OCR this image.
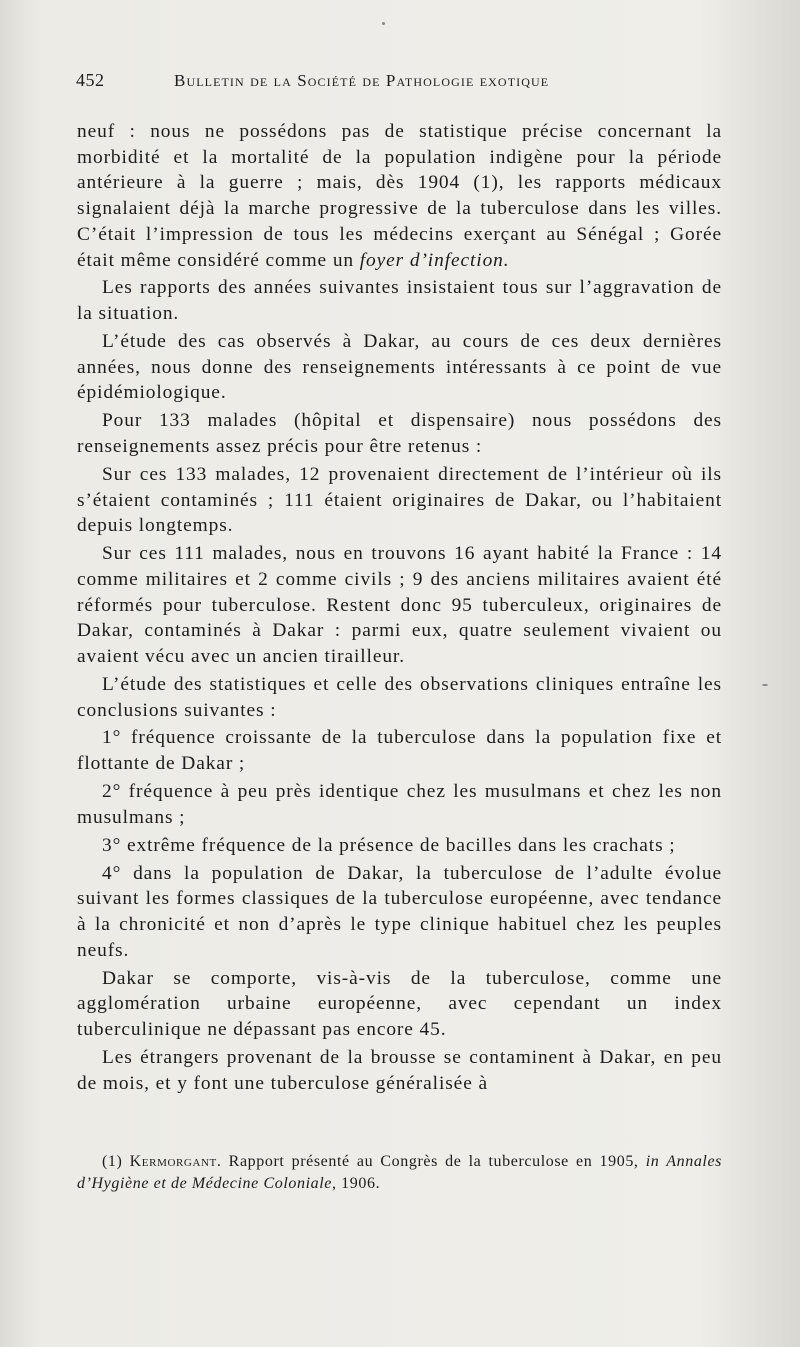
452	Bulletin de la Société de Pathologie exotique

neuf : nous ne possédons pas de statistique précise concernant la morbidité et la mortalité de la population indigène pour la période antérieure à la guerre ; mais, dès 1904 (1), les rapports médicaux signalaient déjà la marche progressive de la tuberculose dans les villes. C’était l’impression de tous les médecins exerçant au Sénégal ; Gorée était même considéré comme un foyer d’infection.

Les rapports des années suivantes insistaient tous sur l’aggravation de la situation.

L’étude des cas observés à Dakar, au cours de ces deux dernières années, nous donne des renseignements intéressants à ce point de vue épidémiologique.

Pour 133 malades (hôpital et dispensaire) nous possédons des renseignements assez précis pour être retenus :

Sur ces 133 malades, 12 provenaient directement de l’intérieur où ils s’étaient contaminés ; 111 étaient originaires de Dakar, ou l’habitaient depuis longtemps.

Sur ces 111 malades, nous en trouvons 16 ayant habité la France : 14 comme militaires et 2 comme civils ; 9 des anciens militaires avaient été réformés pour tuberculose. Restent donc 95 tuberculeux, originaires de Dakar, contaminés à Dakar : parmi eux, quatre seulement vivaient ou avaient vécu avec un ancien tirailleur.

L’étude des statistiques et celle des observations cliniques entraîne les conclusions suivantes :

1° fréquence croissante de la tuberculose dans la population fixe et flottante de Dakar ;

2° fréquence à peu près identique chez les musulmans et chez les non musulmans ;

3° extrême fréquence de la présence de bacilles dans les crachats ;

4° dans la population de Dakar, la tuberculose de l’adulte évolue suivant les formes classiques de la tuberculose européenne, avec tendance à la chronicité et non d’après le type clinique habituel chez les peuples neufs.

Dakar se comporte, vis-à-vis de la tuberculose, comme une agglomération urbaine européenne, avec cependant un index tuberculinique ne dépassant pas encore 45.

Les étrangers provenant de la brousse se contaminent à Dakar, en peu de mois, et y font une tuberculose généralisée à

(1) Kermorgant. Rapport présenté au Congrès de la tuberculose en 1905, in Annales d’Hygiène et de Médecine Coloniale, 1906.
